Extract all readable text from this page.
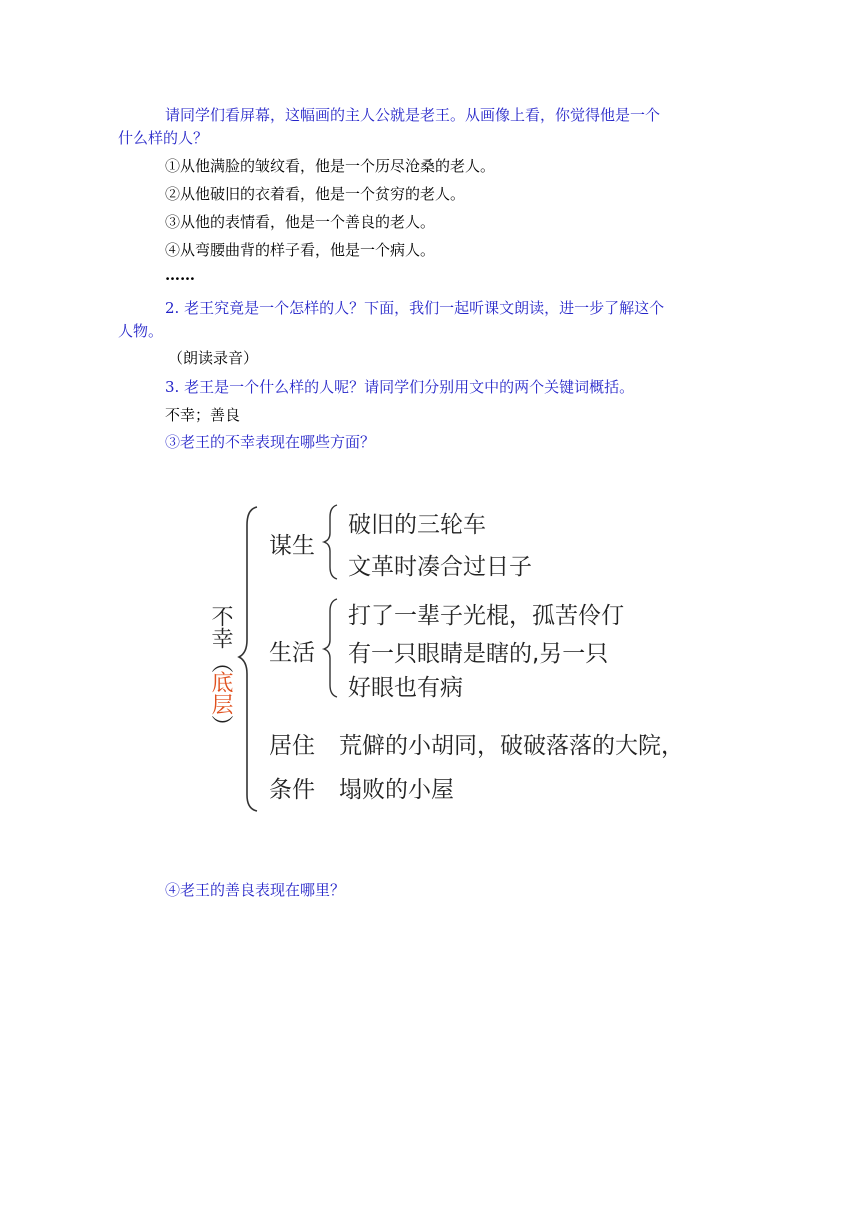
请同学们看屏幕，这幅画的主人公就是老王。从画像上看，你觉得他是一个
什么样的人？
①从他满脸的皱纹看，他是一个历尽沧桑的老人。
②从他破旧的衣着看，他是一个贫穷的老人。
③从他的表情看，他是一个善良的老人。
④从弯腰曲背的样子看，他是一个病人。
……
2. 老王究竟是一个怎样的人？下面，我们一起听课文朗读，进一步了解这个
人物。
（朗读录音）
3. 老王是一个什么样的人呢？请同学们分别用文中的两个关键词概括。
不幸；善良
③老王的不幸表现在哪些方面？
不幸
（
底层
）
谋生
破旧的三轮车
文革时凑合过日子
生活
打了一辈子光棍，孤苦伶仃
有一只眼睛是瞎的,另一只
好眼也有病
居住
条件
荒僻的小胡同，破破落落的大院，
塌败的小屋
④老王的善良表现在哪里？
